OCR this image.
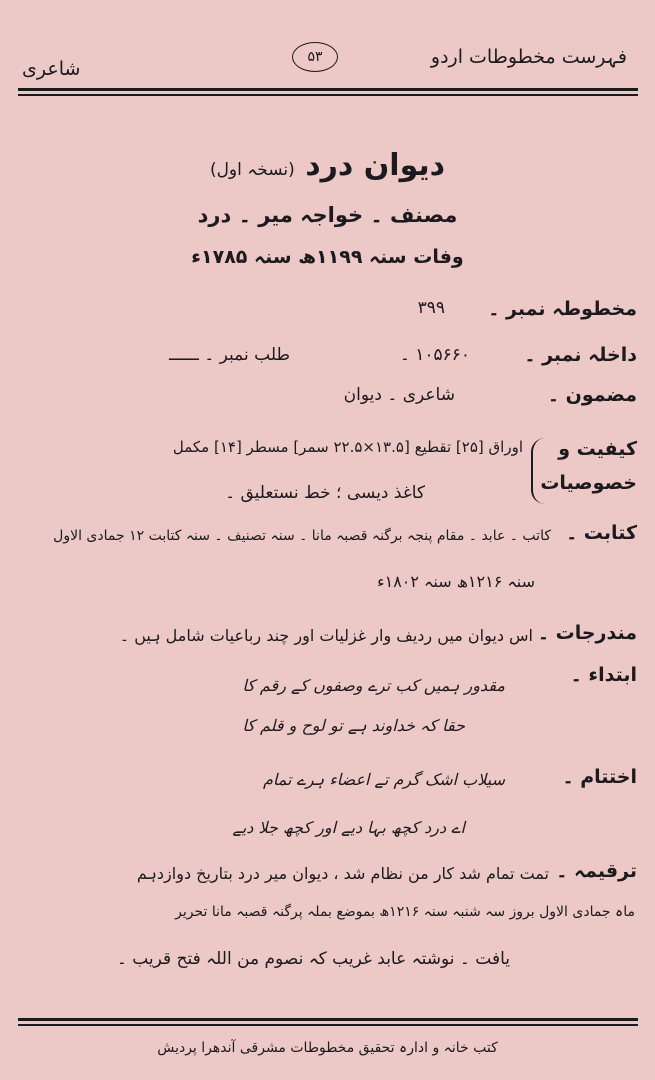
فہرست مخطوطات اردو
۵۳
شاعری
دیوان درد (نسخہ اول)
مصنف ۔ خواجہ میر ۔ درد
وفات سنہ ۱۱۹۹ھ سنہ ۱۷۸۵ء
مخطوطہ نمبر ۔
۳۹۹
داخلہ نمبر ۔
۱۰۵۶۶۰ ۔
طلب نمبر ۔ ــــــ
مضمون ۔
شاعری ۔ دیوان
کیفیت و
خصوصیات
اوراق [۲۵] تقطیع [۱۳.۵×۲۲.۵ سمر] مسطر [۱۴] مکمل
کاغذ دیسی ؛ خط نستعلیق ۔
کتابت ۔
کاتب ۔ عابد ۔ مقام پنجہ برگنہ قصبہ مانا ۔ سنہ تصنیف ۔ سنہ کتابت ۱۲ جمادی الاول
سنہ ۱۲۱۶ھ سنہ ۱۸۰۲ء
مندرجات ۔
اس دیوان میں ردیف وار غزلیات اور چند رباعیات شامل ہیں ۔
ابتداء ۔
مقدور ہمیں کب ترے وصفوں کے رقم کا
حقا کہ خداوند ہے تو لوح و قلم کا
اختتام ۔
سیلاب اشک گرم تے اعضاء ہرے تمام
اے درد کچھ بہا دیے اور کچھ جلا دیے
ترقیمہ ۔
تمت تمام شد کار من نظام شد ، دیوان میر درد بتاریخ دوازدہم
ماہ جمادی الاول بروز سہ شنبہ سنہ ۱۲۱۶ھ بموضع بملہ پرگنہ قصبہ مانا تحریر
یافت ۔ نوشتہ عابد غریب کہ نصوم من اللہ فتح قریب ۔
کتب خانہ و ادارہ تحقیق مخطوطات مشرقی آندھرا پردیش
